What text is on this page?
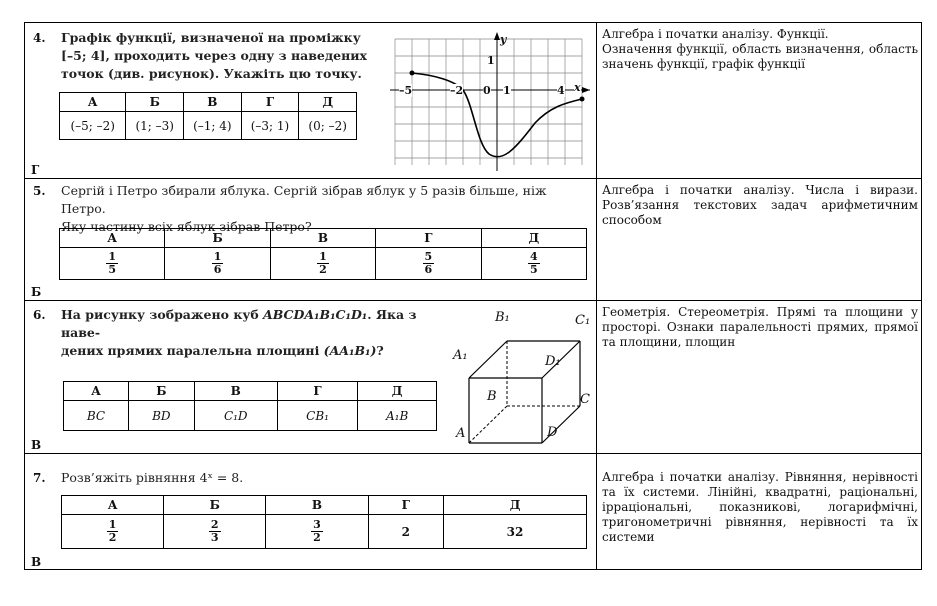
4. Графік функції, визначеної на проміжку
[–5; 4], проходить через одну з наведених
точок (див. рисунок). Укажіть цю точку.
А	Б	В	Г	Д
(–5; –2)	(1; –3)	(–1; 4)	(–3; 1)	(0; –2)
y
1
x
–5	–2 0 1	4
Г
Алгебра і початки аналізу. Функції.
Означення функції, область визначення, область значень функції, графік функції
5. Сергій і Петро збирали яблука. Сергій зібрав яблук у 5 разів більше, ніж Петро.
Яку частину всіх яблук зібрав Петро?
А	Б	В	Г	Д

$\frac{1}{5}$	$\frac{1}{6}$	$\frac{1}{2}$	$\frac{5}{6}$	$\frac{4}{5}$
Б
Алгебра і початки аналізу. Числа і вирази. Розв’язання текстових задач арифметичним способом
6. На рисунку зображено куб ABCDA₁B₁C₁D₁. Яка з наве-
дених прямих паралельна площині (AA₁B₁)?
А	Б	В	Г	Д
BC	BD	C₁D	CB₁	A₁B
B₁	C₁
A₁	D₁
B	C
A	D
В
Геометрія. Стереометрія. Прямі та площини у просторі. Ознаки паралельності прямих, прямої та площини, площин
7. Розв’яжіть рівняння 4ˣ = 8.
А	Б	В	Г	Д

$\frac{1}{2}$	$\frac{2}{3}$	$\frac{3}{2}$	2	32
В
Алгебра і початки аналізу. Рівняння, нерівності та їх системи. Лінійні, квадратні, раціональні, ірраціональні, показникові, логарифмічні, тригонометричні рівняння, нерівності та їх системи
